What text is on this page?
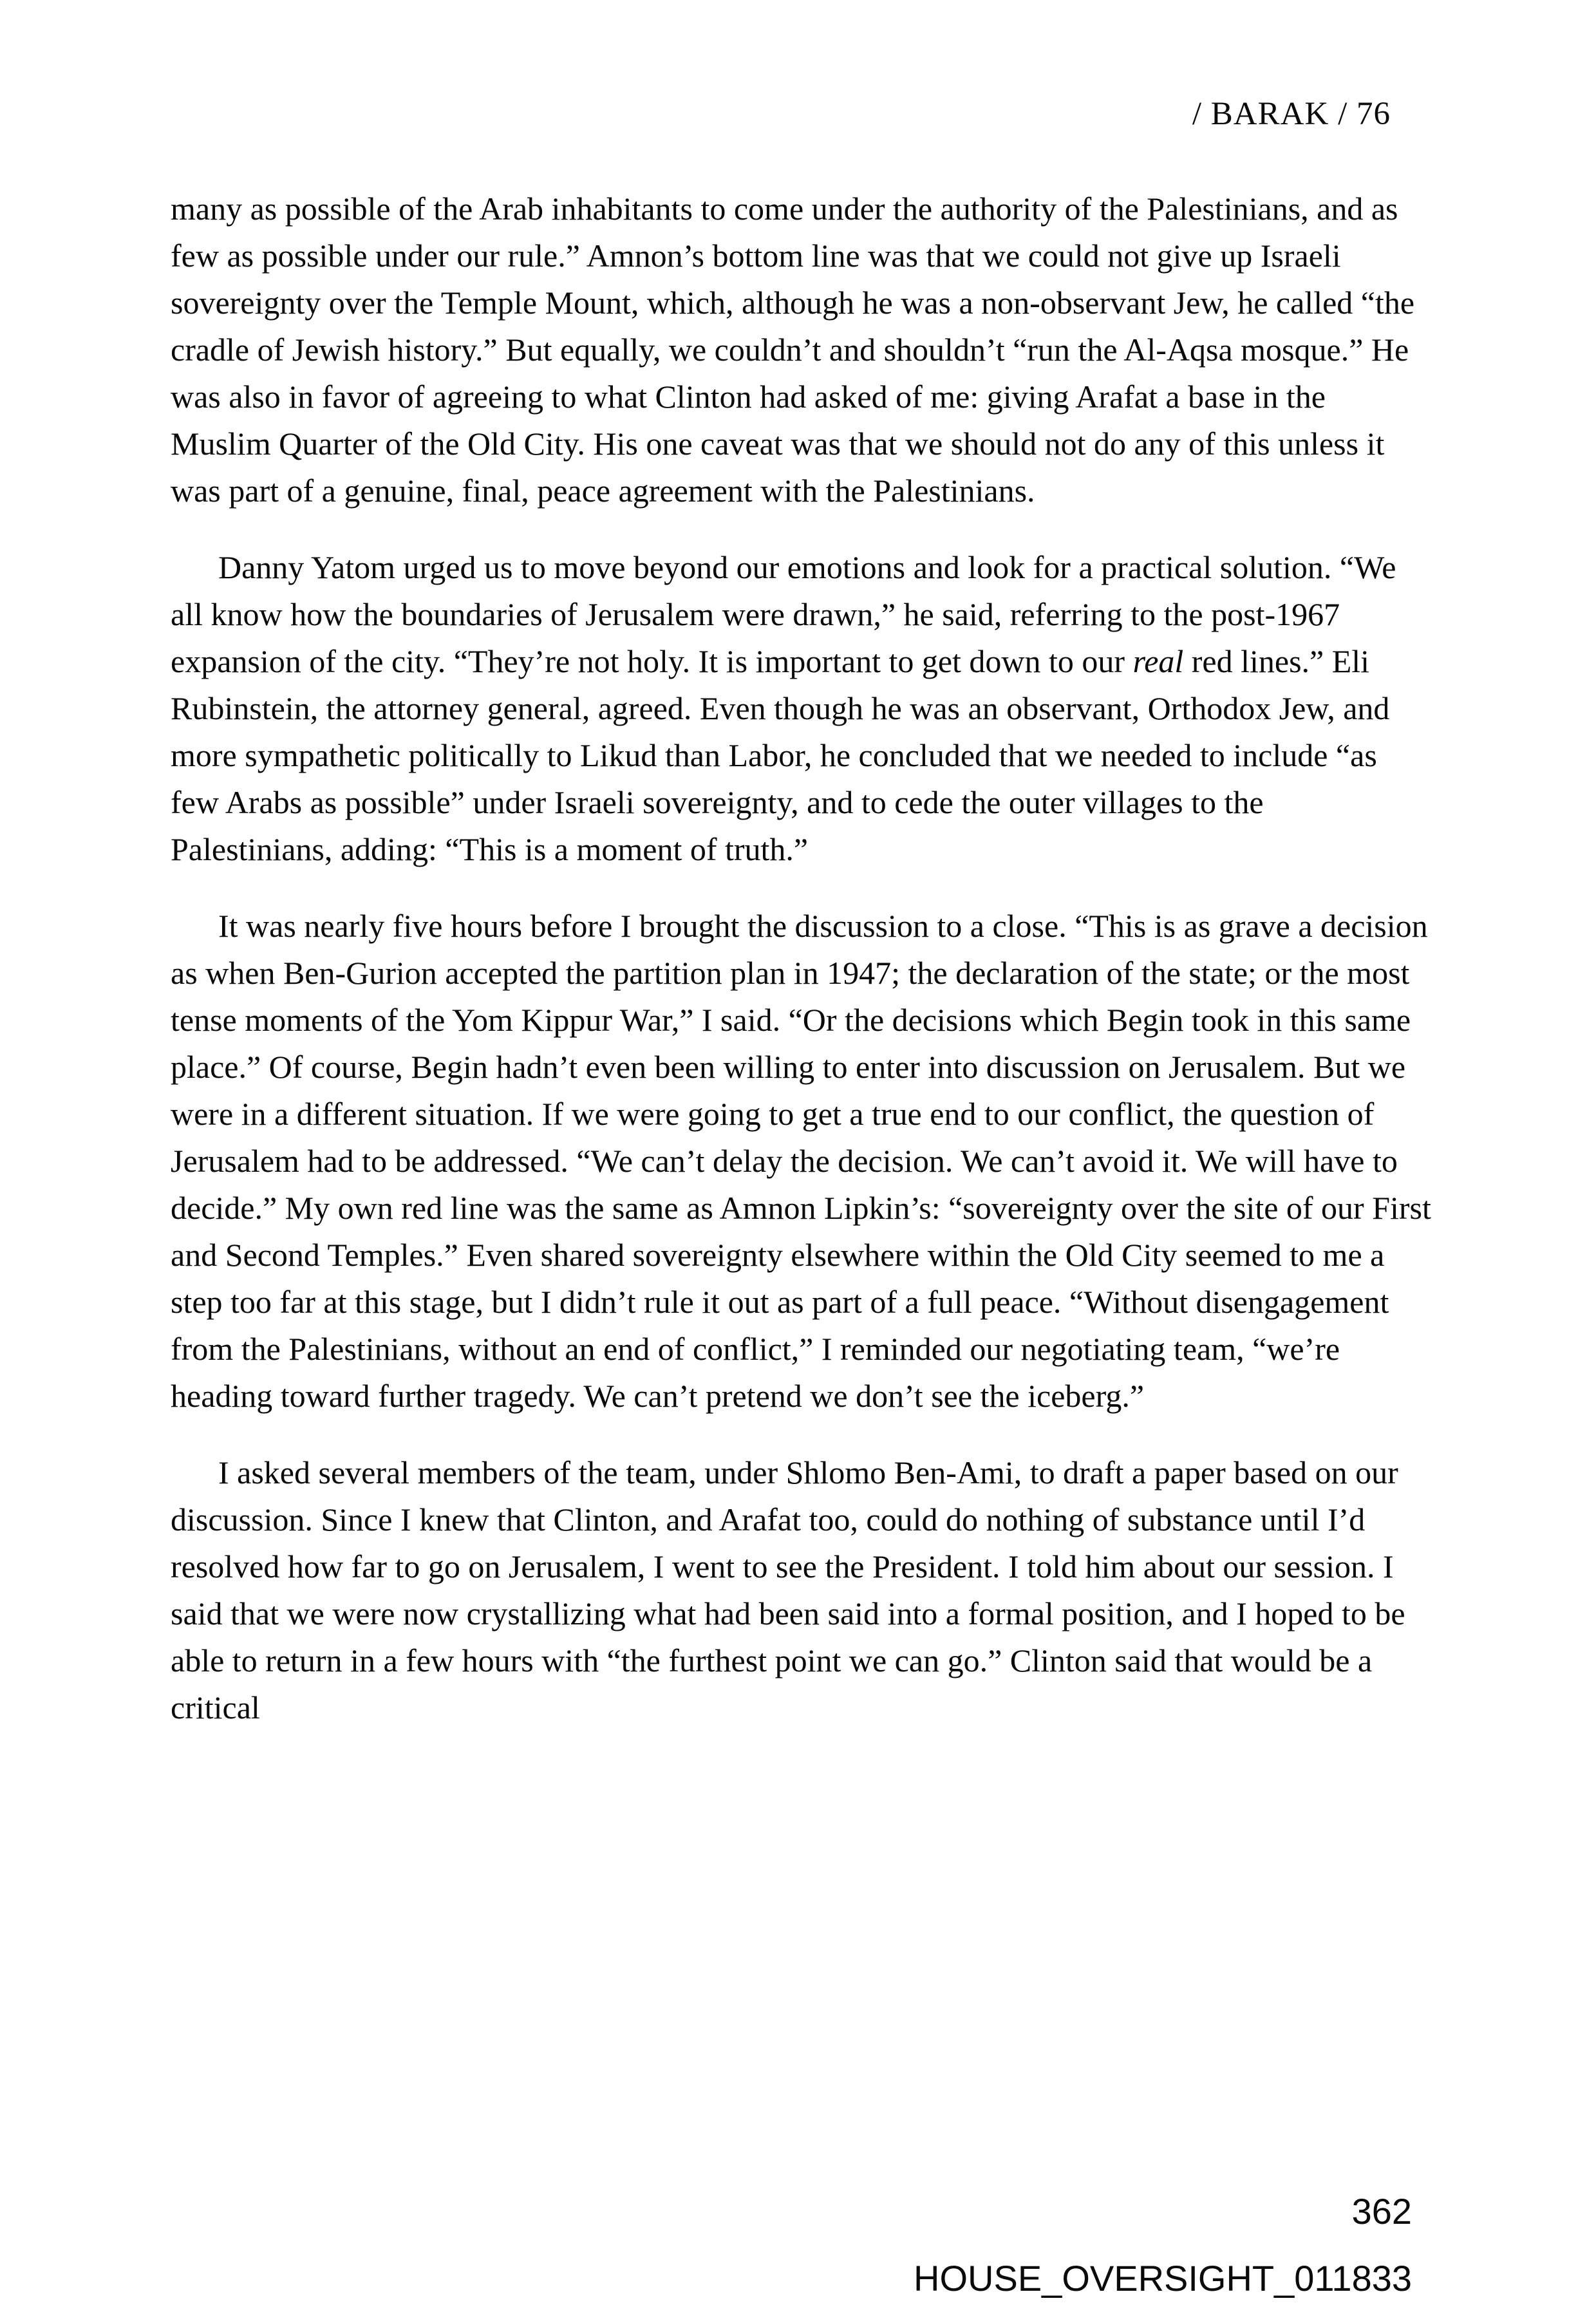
/ BARAK / 76

many as possible of the Arab inhabitants to come under the authority of the Palestinians, and as few as possible under our rule.” Amnon’s bottom line was that we could not give up Israeli sovereignty over the Temple Mount, which, although he was a non-observant Jew, he called “the cradle of Jewish history.” But equally, we couldn’t and shouldn’t “run the Al-Aqsa mosque.” He was also in favor of agreeing to what Clinton had asked of me: giving Arafat a base in the Muslim Quarter of the Old City. His one caveat was that we should not do any of this unless it was part of a genuine, final, peace agreement with the Palestinians.

Danny Yatom urged us to move beyond our emotions and look for a practical solution. “We all know how the boundaries of Jerusalem were drawn,” he said, referring to the post-1967 expansion of the city. “They’re not holy. It is important to get down to our real red lines.” Eli Rubinstein, the attorney general, agreed. Even though he was an observant, Orthodox Jew, and more sympathetic politically to Likud than Labor, he concluded that we needed to include “as few Arabs as possible” under Israeli sovereignty, and to cede the outer villages to the Palestinians, adding: “This is a moment of truth.”

It was nearly five hours before I brought the discussion to a close. “This is as grave a decision as when Ben-Gurion accepted the partition plan in 1947; the declaration of the state; or the most tense moments of the Yom Kippur War,” I said. “Or the decisions which Begin took in this same place.” Of course, Begin hadn’t even been willing to enter into discussion on Jerusalem. But we were in a different situation. If we were going to get a true end to our conflict, the question of Jerusalem had to be addressed. “We can’t delay the decision. We can’t avoid it. We will have to decide.” My own red line was the same as Amnon Lipkin’s: “sovereignty over the site of our First and Second Temples.” Even shared sovereignty elsewhere within the Old City seemed to me a step too far at this stage, but I didn’t rule it out as part of a full peace. “Without disengagement from the Palestinians, without an end of conflict,” I reminded our negotiating team, “we’re heading toward further tragedy. We can’t pretend we don’t see the iceberg.”

I asked several members of the team, under Shlomo Ben-Ami, to draft a paper based on our discussion. Since I knew that Clinton, and Arafat too, could do nothing of substance until I’d resolved how far to go on Jerusalem, I went to see the President. I told him about our session. I said that we were now crystallizing what had been said into a formal position, and I hoped to be able to return in a few hours with “the furthest point we can go.” Clinton said that would be a critical

362
HOUSE_OVERSIGHT_011833
